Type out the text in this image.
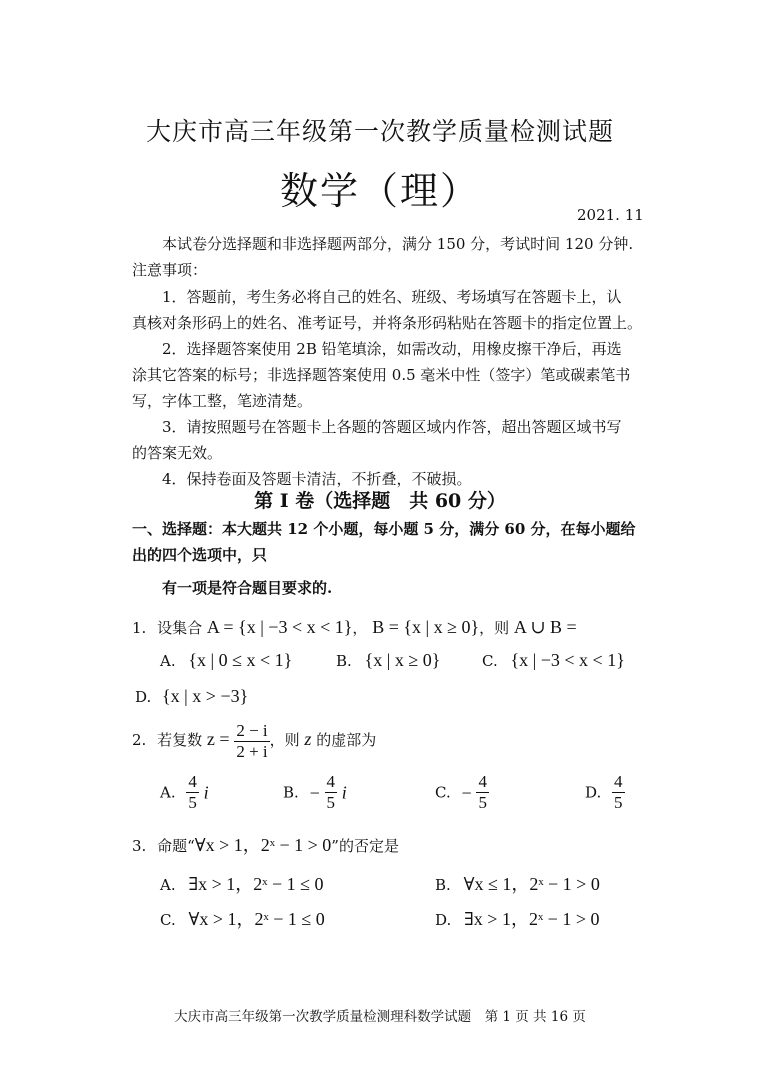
大庆市高三年级第一次教学质量检测试题
数学（理）
2021. 11
本试卷分选择题和非选择题两部分，满分 150 分，考试时间 120 分钟.
注意事项：
1．答题前，考生务必将自己的姓名、班级、考场填写在答题卡上，认
真核对条形码上的姓名、准考证号，并将条形码粘贴在答题卡的指定位置上。
2．选择题答案使用 2B 铅笔填涂，如需改动，用橡皮擦干净后，再选
涂其它答案的标号；非选择题答案使用 0.5 毫米中性（签字）笔或碳素笔书
写，字体工整，笔迹清楚。
3．请按照题号在答题卡上各题的答题区域内作答，超出答题区域书写
的答案无效。
4．保持卷面及答题卡清洁，不折叠，不破损。
第 I 卷（选择题　共 60 分）
一、选择题：本大题共 12 个小题，每小题 5 分，满分 60 分，在每小题给
出的四个选项中，只
有一项是符合题目要求的.
1. 设集合 A = {x | −3 < x < 1}， B = {x | x ≥ 0}，则 A ∪ B =
A. {x | 0 ≤ x < 1}	B. {x | x ≥ 0}	C. {x | −3 < x < 1}
D. {x | x > −3}
2. 若复数 $z = \frac{2 - i}{2 + i}$ ，则 z 的虚部为
A. $\frac{4}{5}$ i	B. − $\frac{4}{5}$ i	C. − $\frac{4}{5}$	D. $\frac{4}{5}$
3. 命题“∀x > 1，2ˣ − 1 > 0”的否定是
A. ∃x > 1，2ˣ − 1 ≤ 0	B. ∀x ≤ 1，2ˣ − 1 > 0
C. ∀x > 1，2ˣ − 1 ≤ 0	D. ∃x > 1，2ˣ − 1 > 0
大庆市高三年级第一次教学质量检测理科数学试题　第 1 页 共 16 页
